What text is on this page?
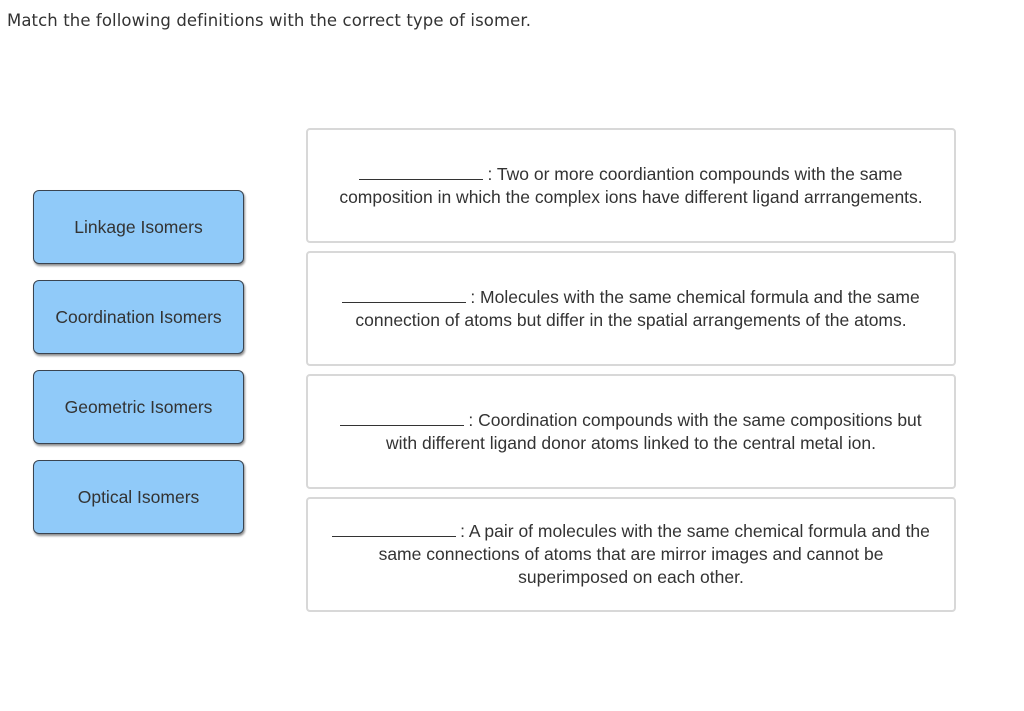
Match the following definitions with the correct type of isomer.
Linkage Isomers
Coordination Isomers
Geometric Isomers
Optical Isomers
: Two or more coordiantion compounds with the same composition in which the complex ions have different ligand arrrangements.
: Molecules with the same chemical formula and the same connection of atoms but differ in the spatial arrangements of the atoms.
: Coordination compounds with the same compositions but with different ligand donor atoms linked to the central metal ion.
: A pair of molecules with the same chemical formula and the same connections of atoms that are mirror images and cannot be superimposed on each other.
